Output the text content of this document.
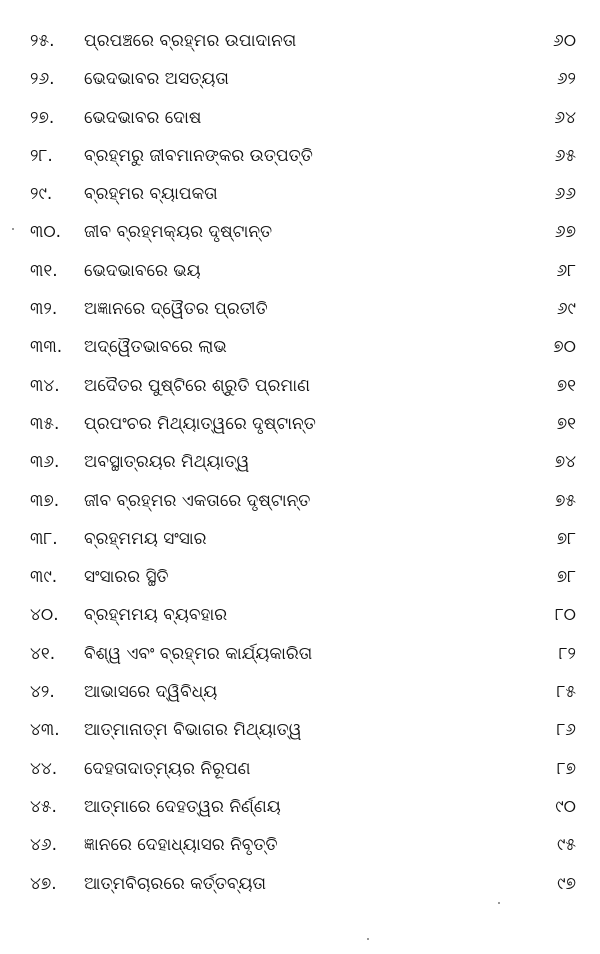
୨୫.	ପ୍ରପଞ୍ଚରେ ବ୍ରହ୍ମର ଉପାଦାନତା	୬୦
୨୬.	ଭେଦଭାବର ଅସତ୍ୟତା	୬୨
୨୭.	ଭେଦଭାବର ଦୋଷ	୬୪
୨୮.	ବ୍ରହ୍ମରୁ ଜୀବମାନଙ୍କର ଉତ୍ପତ୍ତି	୬୫
୨୯.	ବ୍ରହ୍ମର ବ୍ୟାପକତା	୬୬
୩୦.	ଜୀବ ବ୍ରହ୍ମକ୍ୟର ଦୃଷ୍ଟାନ୍ତ	୬୭
୩୧.	ଭେଦଭାବରେ ଭୟ	୬୮
୩୨.	ଅଜ୍ଞାନରେ ଦ୍ୱୈତର ପ୍ରତୀତି	୬୯
୩୩.	ଅଦ୍ୱୈତଭାବରେ ଲାଭ	୭୦
୩୪.	ଅଦୈତର ପୁଷ୍ଟିରେ ଶ୍ରୁତି ପ୍ରମାଣ	୭୧
୩୫.	ପ୍ରପଂଚର ମିଥ୍ୟାତ୍ୱରେ ଦୃଷ୍ଟାନ୍ତ	୭୧
୩୬.	ଅବସ୍ଥାତ୍ରୟର ମିଥ୍ୟାତ୍ୱ	୭୪
୩୭.	ଜୀବ ବ୍ରହ୍ମର ଏକତାରେ ଦୃଷ୍ଟାନ୍ତ	୭୫
୩୮.	ବ୍ରହ୍ମମୟ ସଂସାର	୭୮
୩୯.	ସଂସାରର ସ୍ଥିତି	୭୮
୪୦.	ବ୍ରହ୍ମମୟ ବ୍ୟବହାର	୮୦
୪୧.	ବିଶ୍ୱ ଏବଂ ବ୍ରହ୍ମର କାର୍ଯ୍ୟକାରିତା	୮୨
୪୨.	ଆଭାସରେ ଦ୍ୱିବିଧ୍ୟ	୮୫
୪୩.	ଆତ୍ମାନାତ୍ମ ବିଭାଗର ମିଥ୍ୟାତ୍ୱ	୮୬
୪୪.	ଦେହତାଦାତ୍ମ୍ୟର ନିରୂପଣ	୮୭
୪୫.	ଆତ୍ମାରେ ଦେହତ୍ୱର ନିର୍ଣ୍ଣୟ	୯୦
୪୬.	ଜ୍ଞାନରେ ଦେହାଧ୍ୟାସର ନିବୃତ୍ତି	୯୫
୪୭.	ଆତ୍ମବିଚାରରେ କର୍ତ୍ତବ୍ୟତା	୯୭
